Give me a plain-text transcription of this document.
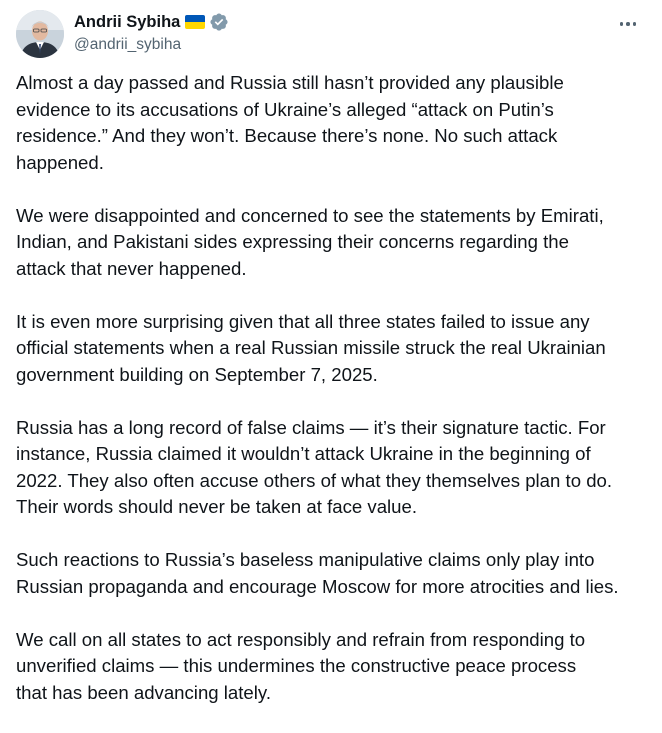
Andrii Sybiha
@andrii_sybiha

Almost a day passed and Russia still hasn’t provided any plausible
evidence to its accusations of Ukraine’s alleged “attack on Putin’s
residence.” And they won’t. Because there’s none. No such attack
happened.

We were disappointed and concerned to see the statements by Emirati,
Indian, and Pakistani sides expressing their concerns regarding the
attack that never happened.

It is even more surprising given that all three states failed to issue any
official statements when a real Russian missile struck the real Ukrainian
government building on September 7, 2025.

Russia has a long record of false claims — it’s their signature tactic. For
instance, Russia claimed it wouldn’t attack Ukraine in the beginning of
2022. They also often accuse others of what they themselves plan to do.
Their words should never be taken at face value.

Such reactions to Russia’s baseless manipulative claims only play into
Russian propaganda and encourage Moscow for more atrocities and lies.

We call on all states to act responsibly and refrain from responding to
unverified claims — this undermines the constructive peace process
that has been advancing lately.
